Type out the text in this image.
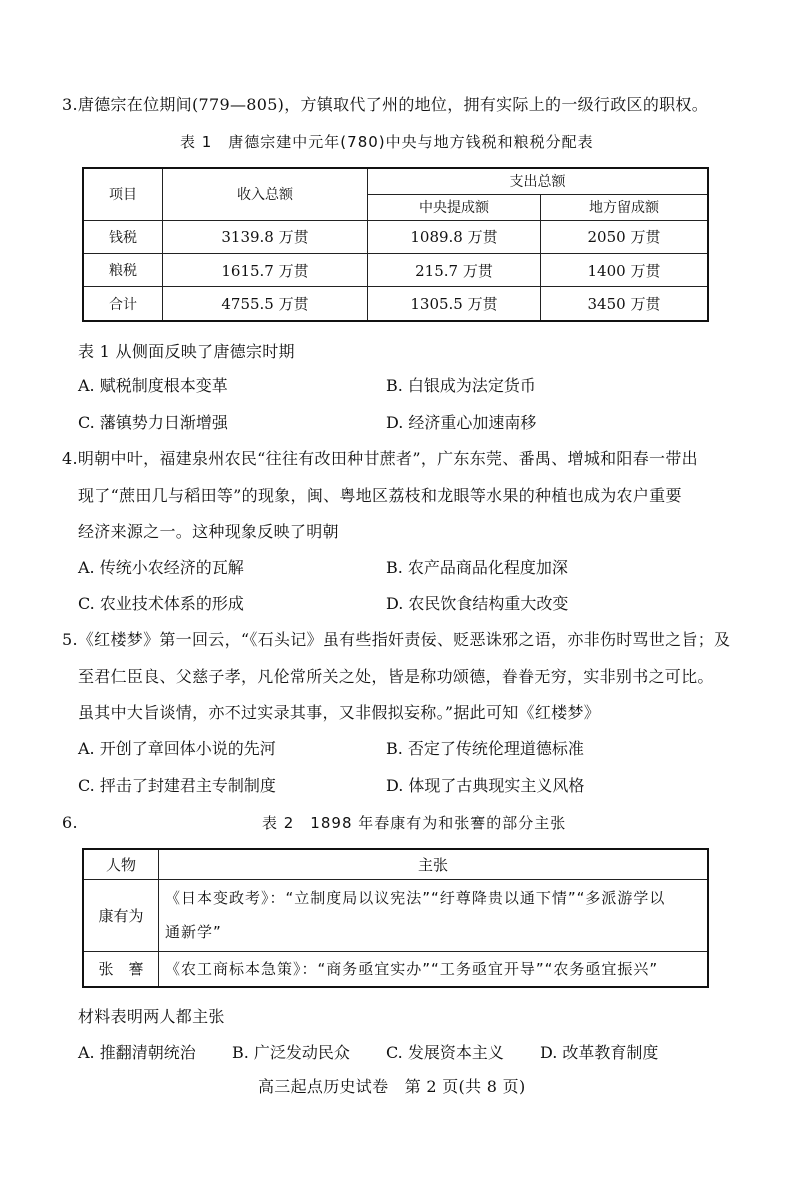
3.唐德宗在位期间(779—805)，方镇取代了州的地位，拥有实际上的一级行政区的职权。
表 1　唐德宗建中元年(780)中央与地方钱税和粮税分配表
项目	收入总额	支出总额	
		中央提成额	地方留成额
钱税	3139.8 万贯	1089.8 万贯	2050 万贯
粮税	1615.7 万贯	215.7 万贯	1400 万贯
合计	4755.5 万贯	1305.5 万贯	3450 万贯
表 1 从侧面反映了唐德宗时期
A. 赋税制度根本变革	B. 白银成为法定货币
C. 藩镇势力日渐增强	D. 经济重心加速南移
4.明朝中叶，福建泉州农民“往往有改田种甘蔗者”，广东东莞、番禺、增城和阳春一带出
现了“蔗田几与稻田等”的现象，闽、粤地区荔枝和龙眼等水果的种植也成为农户重要
经济来源之一。这种现象反映了明朝
A. 传统小农经济的瓦解	B. 农产品商品化程度加深
C. 农业技术体系的形成	D. 农民饮食结构重大改变
5.《红楼梦》第一回云，“《石头记》虽有些指奸责佞、贬恶诛邪之语，亦非伤时骂世之旨；及
至君仁臣良、父慈子孝，凡伦常所关之处，皆是称功颂德，眷眷无穷，实非别书之可比。
虽其中大旨谈情，亦不过实录其事，又非假拟妄称。”据此可知《红楼梦》
A. 开创了章回体小说的先河	B. 否定了传统伦理道德标准
C. 抨击了封建君主专制制度	D. 体现了古典现实主义风格
6.	表 2　1898 年春康有为和张謇的部分主张
人物	主张
康有为	《日本变政考》：“立制度局以议宪法”“纡尊降贵以通下情”“多派游学以
通新学”

张　謇	《农工商标本急策》：“商务亟宜实办”“工务亟宜开导”“农务亟宜振兴”
材料表明两人都主张
A. 推翻清朝统治 B. 广泛发动民众 C. 发展资本主义 D. 改革教育制度
高三起点历史试卷　第 2 页(共 8 页)
